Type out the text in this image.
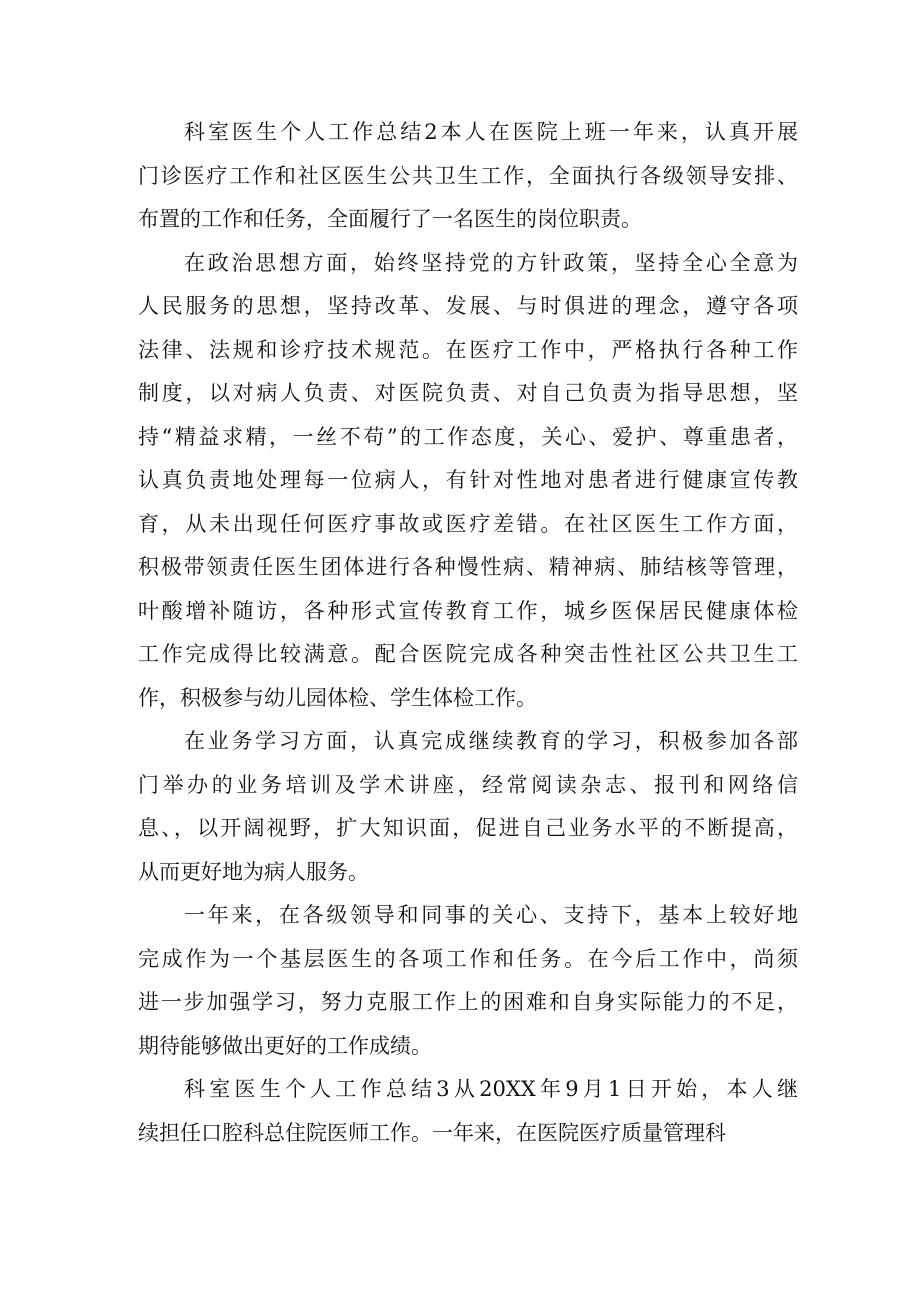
科室医生个人工作总结2本人在医院上班一年来，认真开展
门诊医疗工作和社区医生公共卫生工作，全面执行各级领导安排、
布置的工作和任务，全面履行了一名医生的岗位职责。
在政治思想方面，始终坚持党的方针政策，坚持全心全意为
人民服务的思想，坚持改革、发展、与时俱进的理念，遵守各项
法律、法规和诊疗技术规范。在医疗工作中，严格执行各种工作
制度，以对病人负责、对医院负责、对自己负责为指导思想，坚
持“精益求精，一丝不苟”的工作态度，关心、爱护、尊重患者，
认真负责地处理每一位病人，有针对性地对患者进行健康宣传教
育，从未出现任何医疗事故或医疗差错。在社区医生工作方面，
积极带领责任医生团体进行各种慢性病、精神病、肺结核等管理，
叶酸增补随访，各种形式宣传教育工作，城乡医保居民健康体检
工作完成得比较满意。配合医院完成各种突击性社区公共卫生工
作，积极参与幼儿园体检、学生体检工作。
在业务学习方面，认真完成继续教育的学习，积极参加各部
门举办的业务培训及学术讲座，经常阅读杂志、报刊和网络信
息、，以开阔视野，扩大知识面，促进自己业务水平的不断提高，
从而更好地为病人服务。
一年来，在各级领导和同事的关心、支持下，基本上较好地
完成作为一个基层医生的各项工作和任务。在今后工作中，尚须
进一步加强学习，努力克服工作上的困难和自身实际能力的不足，
期待能够做出更好的工作成绩。
科室医生个人工作总结3从20XX年9月1日开始，本人继
续担任口腔科总住院医师工作。一年来，在医院医疗质量管理科
